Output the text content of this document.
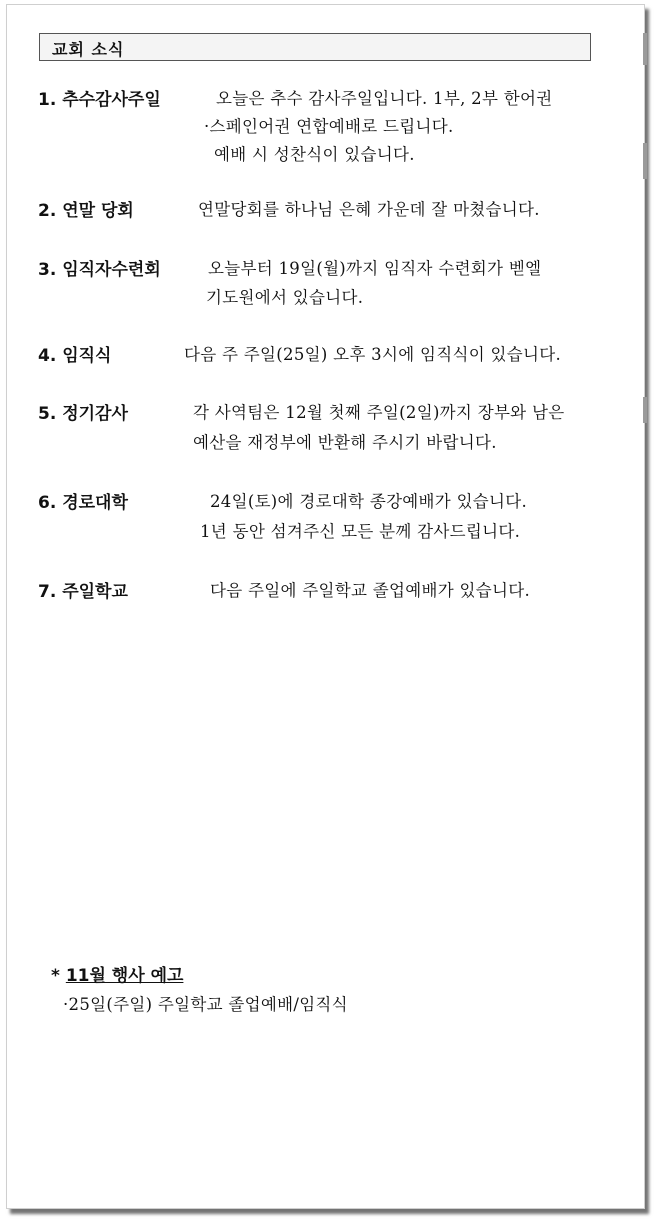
교회 소식
1. 추수감사주일	오늘은 추수 감사주일입니다. 1부, 2부 한어권
·스페인어권 연합예배로 드립니다.
예배 시 성찬식이 있습니다.
2. 연말 당회	연말당회를 하나님 은혜 가운데 잘 마쳤습니다.
3. 임직자수련회	오늘부터 19일(월)까지 임직자 수련회가 벧엘
기도원에서 있습니다.
4. 임직식	다음 주 주일(25일) 오후 3시에 임직식이 있습니다.
5. 정기감사	각 사역팀은 12월 첫째 주일(2일)까지 장부와 남은
예산을 재정부에 반환해 주시기 바랍니다.
6. 경로대학	24일(토)에 경로대학 종강예배가 있습니다.
1년 동안 섬겨주신 모든 분께 감사드립니다.
7. 주일학교	다음 주일에 주일학교 졸업예배가 있습니다.
* 11월 행사 예고
·25일(주일) 주일학교 졸업예배/임직식
